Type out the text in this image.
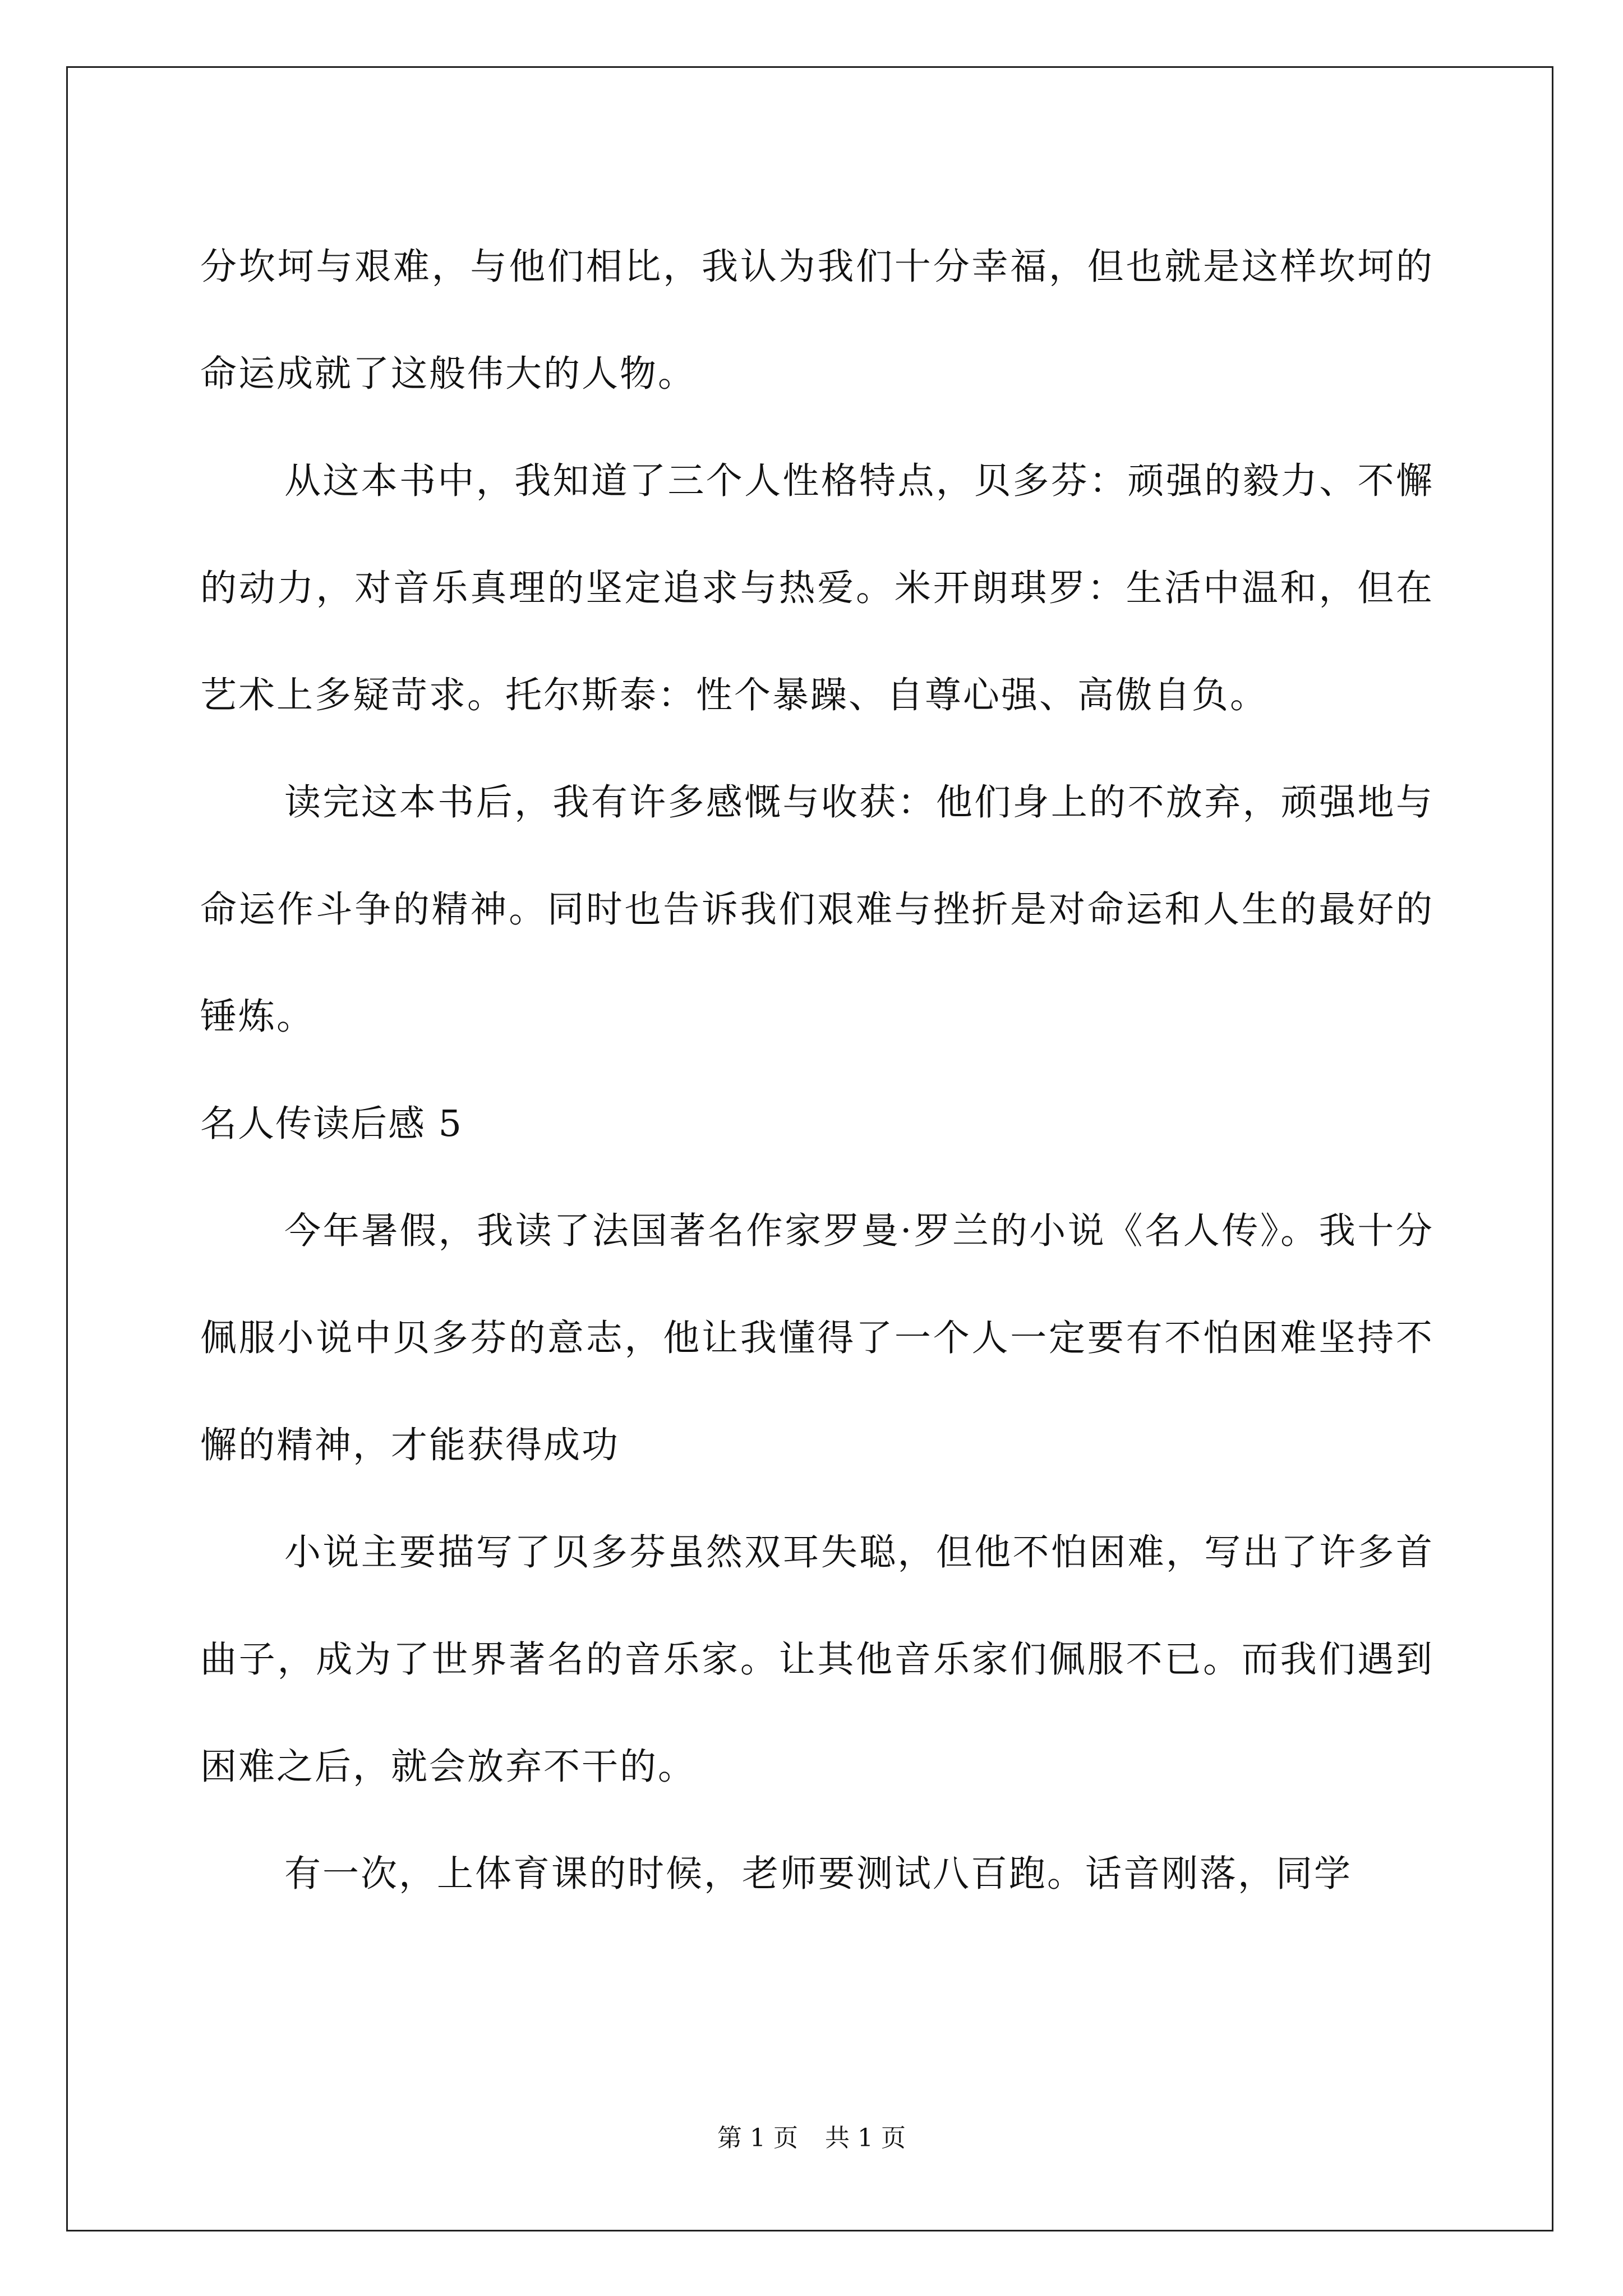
分坎坷与艰难，与他们相比，我认为我们十分幸福，但也就是这样坎坷的命运成就了这般伟大的人物。

从这本书中，我知道了三个人性格特点，贝多芬：顽强的毅力、不懈的动力，对音乐真理的坚定追求与热爱。米开朗琪罗：生活中温和，但在艺术上多疑苛求。托尔斯泰：性个暴躁、自尊心强、高傲自负。

读完这本书后，我有许多感慨与收获：他们身上的不放弃，顽强地与命运作斗争的精神。同时也告诉我们艰难与挫折是对命运和人生的最好的锤炼。

名人传读后感 5

今年暑假，我读了法国著名作家罗曼·罗兰的小说《名人传》。我十分佩服小说中贝多芬的意志，他让我懂得了一个人一定要有不怕困难坚持不懈的精神，才能获得成功

小说主要描写了贝多芬虽然双耳失聪，但他不怕困难，写出了许多首曲子，成为了世界著名的音乐家。让其他音乐家们佩服不已。而我们遇到困难之后，就会放弃不干的。

有一次，上体育课的时候，老师要测试八百跑。话音刚落，同学

第 1 页 共 1 页
